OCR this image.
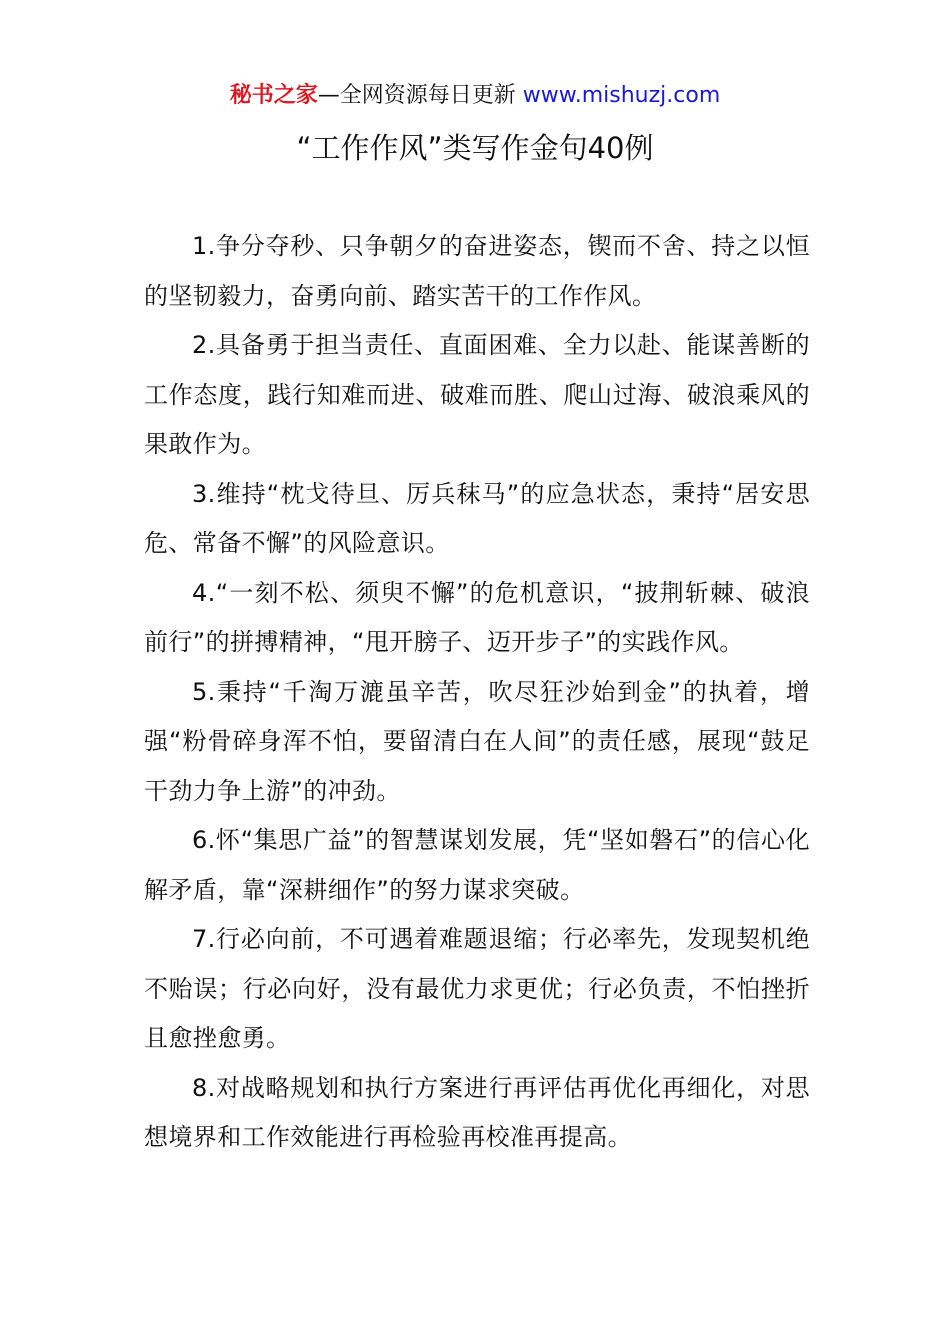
秘书之家—全网资源每日更新 www.mishuzj.com
“工作作风”类写作金句40例

1.争分夺秒、只争朝夕的奋进姿态，锲而不舍、持之以恒的坚韧毅力，奋勇向前、踏实苦干的工作作风。

2.具备勇于担当责任、直面困难、全力以赴、能谋善断的工作态度，践行知难而进、破难而胜、爬山过海、破浪乘风的果敢作为。

3.维持“枕戈待旦、厉兵秣马”的应急状态，秉持“居安思危、常备不懈”的风险意识。

4.“一刻不松、须臾不懈”的危机意识，“披荆斩棘、破浪前行”的拼搏精神，“甩开膀子、迈开步子”的实践作风。

5.秉持“千淘万漉虽辛苦，吹尽狂沙始到金”的执着，增强“粉骨碎身浑不怕，要留清白在人间”的责任感，展现“鼓足干劲力争上游”的冲劲。

6.怀“集思广益”的智慧谋划发展，凭“坚如磐石”的信心化解矛盾，靠“深耕细作”的努力谋求突破。

7.行必向前，不可遇着难题退缩；行必率先，发现契机绝不贻误；行必向好，没有最优力求更优；行必负责，不怕挫折且愈挫愈勇。

8.对战略规划和执行方案进行再评估再优化再细化，对思想境界和工作效能进行再检验再校准再提高。
